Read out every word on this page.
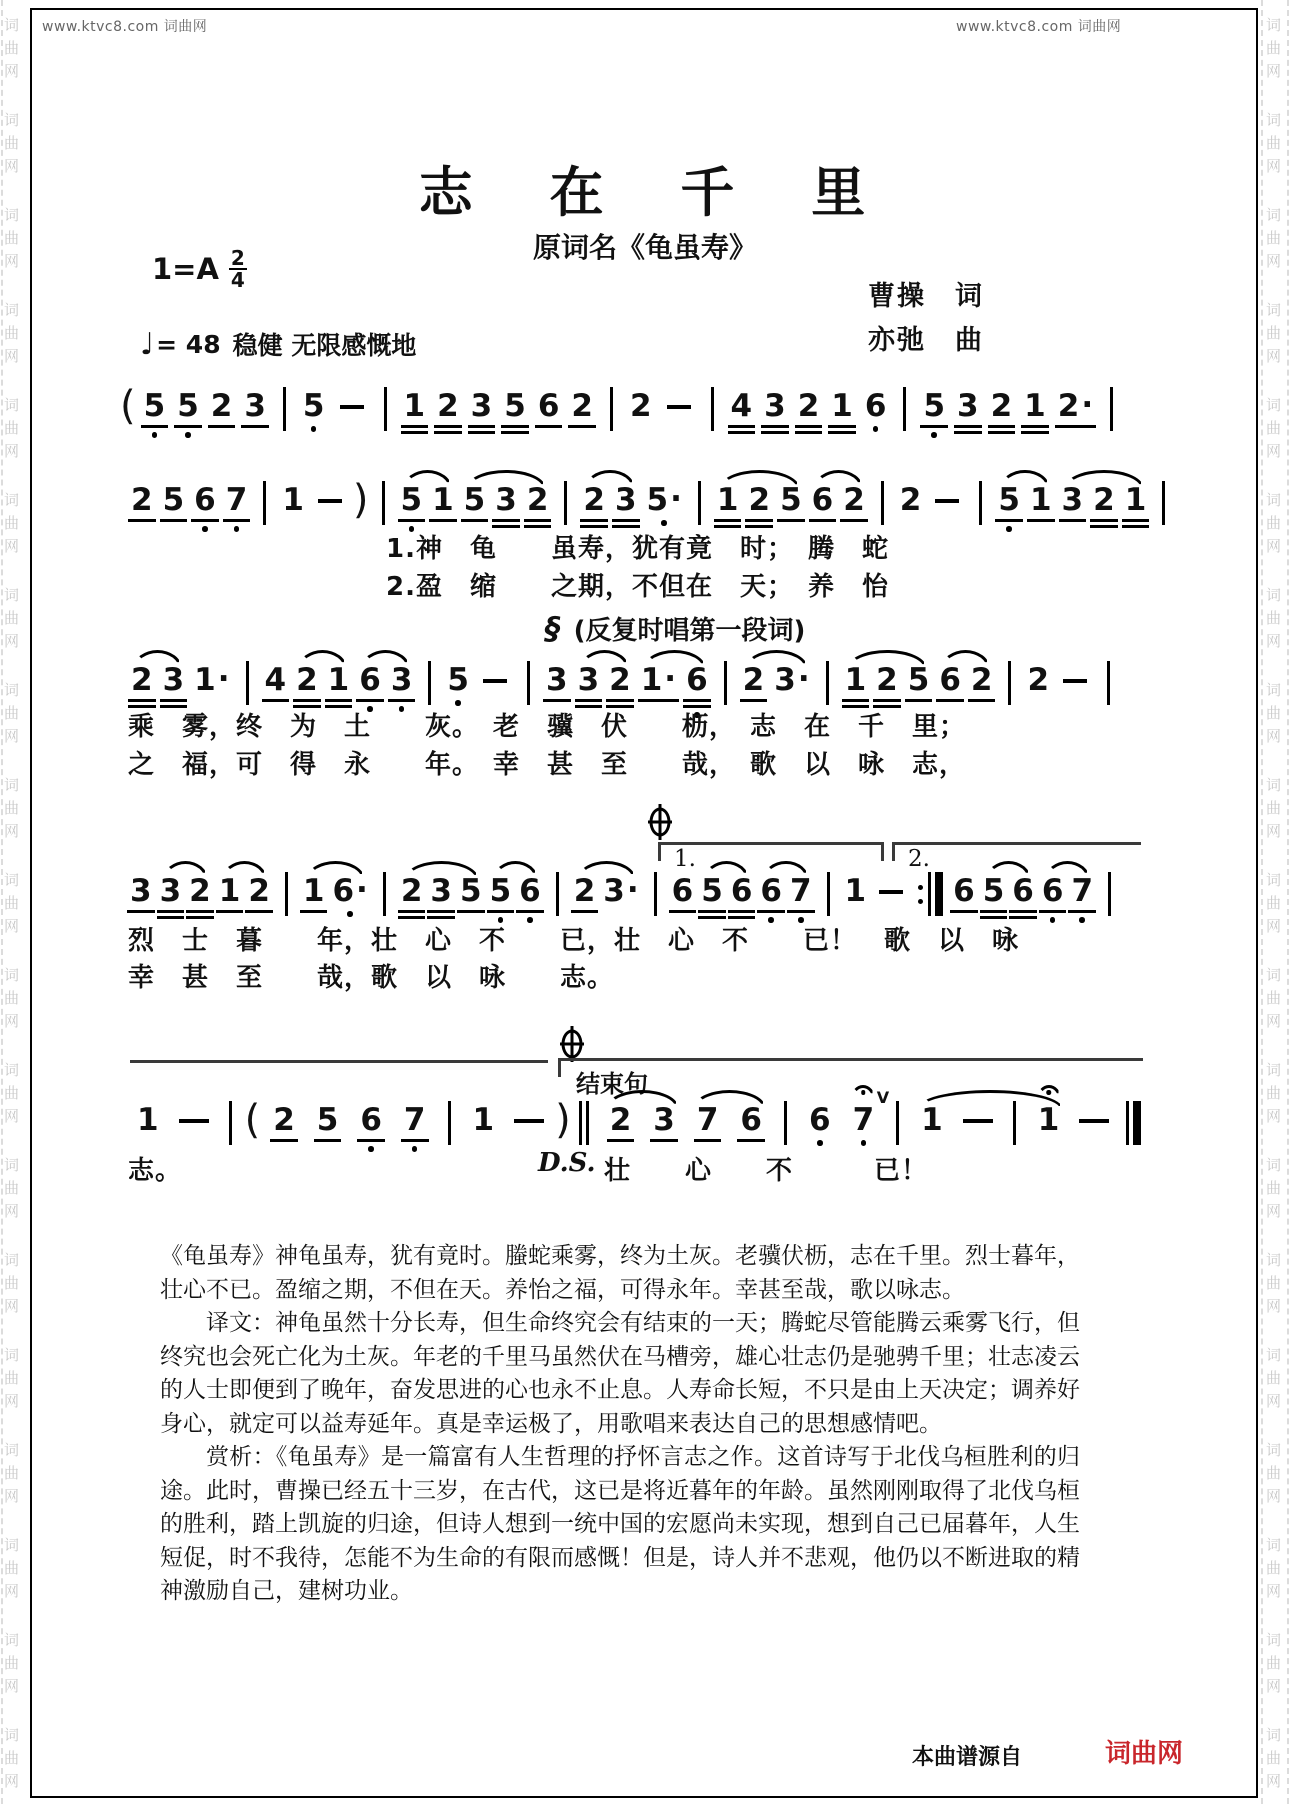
词
曲
网
词
曲
网
词
曲
网
词
曲
网
词
曲
网
词
曲
网
词
曲
网
词
曲
网
词
曲
网
词
曲
网
词
曲
网
词
曲
网
词
曲
网
词
曲
网
词
曲
网
词
曲
网
词
曲
网
词
曲
网
词
曲
网
词
曲
网
词
曲
网
词
曲
网
词
曲
网
词
曲
网
词
曲
网
词
曲
网
词
曲
网
词
曲
网
词
曲
网
词
曲
网
词
曲
网
词
曲
网
词
曲
网
词
曲
网
词
曲
网
词
曲
网
词
曲
网
词
曲
网
www.ktvc8.com 词曲网	www.ktvc8.com 词曲网
志 在 千 里
原词名《龟虽寿》
$1=A \frac{2}{4}$
♩ = 48 稳健 无限感慨地
曹操　词
亦弛　曲
§ (反复时唱第一段词)
1.	2.
结束句
D.S.
( 5 5 2 3 5	1 2 3 5 6 2 2	4 3 2 1 6 5 3 2 1 2 ·
2 5 6 7 1 ) 5 1 5 3 2 2 3 5 · 1 2 5 6 2 2 5 1 3 2 1
2 3 1 · 4 2 1 6 3 5 3 3 2 1 · 6 2 3 · 1 2 5 6 2 2
3 3 2 1 2 1 6 · 2 3 5 5 6 2 3 · 6 5 6 6 7 1	6 5 6 6 7
1 ( 2 5 6 7 1 ) 2 3 7 6 6 7
V
1	1
1.神　龟　　虽寿，犹有竟　时；　腾　蛇
2.盈　缩　　之期，不但在　天；　养　怡
乘　雾，终　为　土　　灰。　老　骥　伏　　枥，　志　在　千　里；
之　福，可　得　永　　年。　幸　甚　至　　哉，　歌　以　咏　志，
烈　士　暮　　年，壮　心　不　　已，壮　心　不　　已！　歌　以　咏
幸　甚　至　　哉，歌　以　咏　　志。
志。	壮　　心　　不　　　已！

《龟虽寿》神龟虽寿，犹有竟时。螣蛇乘雾，终为土灰。老骥伏枥，志在千里。烈士暮年，壮心不已。盈缩之期，不但在天。养怡之福，可得永年。幸甚至哉，歌以咏志。

译文：神龟虽然十分长寿，但生命终究会有结束的一天；腾蛇尽管能腾云乘雾飞行，但终究也会死亡化为土灰。年老的千里马虽然伏在马槽旁，雄心壮志仍是驰骋千里；壮志凌云的人士即便到了晚年，奋发思进的心也永不止息。人寿命长短，不只是由上天决定；调养好身心，就定可以益寿延年。真是幸运极了，用歌唱来表达自己的思想感情吧。

赏析：《龟虽寿》是一篇富有人生哲理的抒怀言志之作。这首诗写于北伐乌桓胜利的归途。此时，曹操已经五十三岁，在古代，这已是将近暮年的年龄。虽然刚刚取得了北伐乌桓的胜利，踏上凯旋的归途，但诗人想到一统中国的宏愿尚未实现，想到自己已届暮年，人生短促，时不我待，怎能不为生命的有限而感慨！但是，诗人并不悲观，他仍以不断进取的精神激励自己，建树功业。

本曲谱源自	词曲网
